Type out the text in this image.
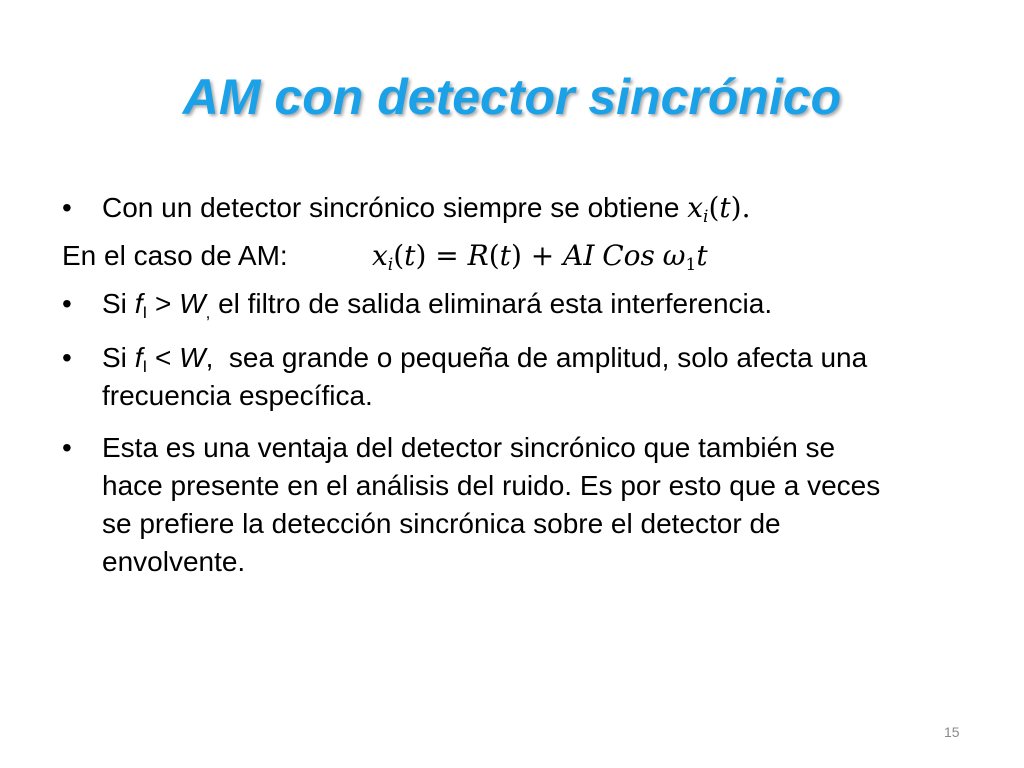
AM con detector sincrónico
•	Con un detector sincrónico siempre se obtiene $x_i(t)$.
En el caso de AM:	$x_i(t) = R(t)$ + AI Cos $\omega_1t$
•	Si $f_I > W_,$ el filtro de salida eliminará esta interferencia.
•	Si $f_I < W$,  sea grande o pequeña de amplitud, solo afecta una
frecuencia específica.
•	Esta es una ventaja del detector sincrónico que también se
hace presente en el análisis del ruido. Es por esto que a veces
se prefiere la detección sincrónica sobre el detector de
envolvente.
15
